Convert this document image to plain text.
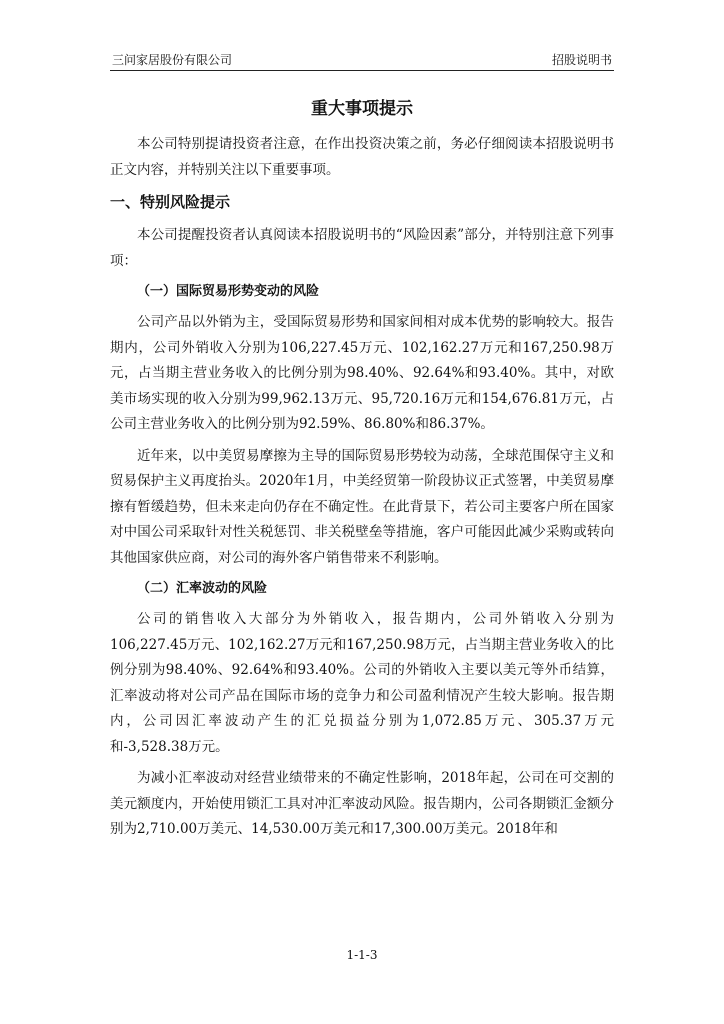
三问家居股份有限公司	招股说明书
重大事项提示

本公司特别提请投资者注意，在作出投资决策之前，务必仔细阅读本招股说明书正文内容，并特别关注以下重要事项。

一、特别风险提示

本公司提醒投资者认真阅读本招股说明书的“风险因素”部分，并特别注意下列事项：

（一）国际贸易形势变动的风险

公司产品以外销为主，受国际贸易形势和国家间相对成本优势的影响较大。报告期内，公司外销收入分别为106,227.45万元、102,162.27万元和167,250.98万元，占当期主营业务收入的比例分别为98.40%、92.64%和93.40%。其中，对欧美市场实现的收入分别为99,962.13万元、95,720.16万元和154,676.81万元，占公司主营业务收入的比例分别为92.59%、86.80%和86.37%。

近年来，以中美贸易摩擦为主导的国际贸易形势较为动荡，全球范围保守主义和贸易保护主义再度抬头。2020年1月，中美经贸第一阶段协议正式签署，中美贸易摩擦有暂缓趋势，但未来走向仍存在不确定性。在此背景下，若公司主要客户所在国家对中国公司采取针对性关税惩罚、非关税壁垒等措施，客户可能因此减少采购或转向其他国家供应商，对公司的海外客户销售带来不利影响。

（二）汇率波动的风险

公司的销售收入大部分为外销收入，报告期内，公司外销收入分别为106,227.45万元、102,162.27万元和167,250.98万元，占当期主营业务收入的比例分别为98.40%、92.64%和93.40%。公司的外销收入主要以美元等外币结算，汇率波动将对公司产品在国际市场的竞争力和公司盈利情况产生较大影响。报告期内，公司因汇率波动产生的汇兑损益分别为1,072.85万元、305.37万元和-3,528.38万元。

为减小汇率波动对经营业绩带来的不确定性影响，2018年起，公司在可交割的美元额度内，开始使用锁汇工具对冲汇率波动风险。报告期内，公司各期锁汇金额分别为2,710.00万美元、14,530.00万美元和17,300.00万美元。2018年和

1-1-3
